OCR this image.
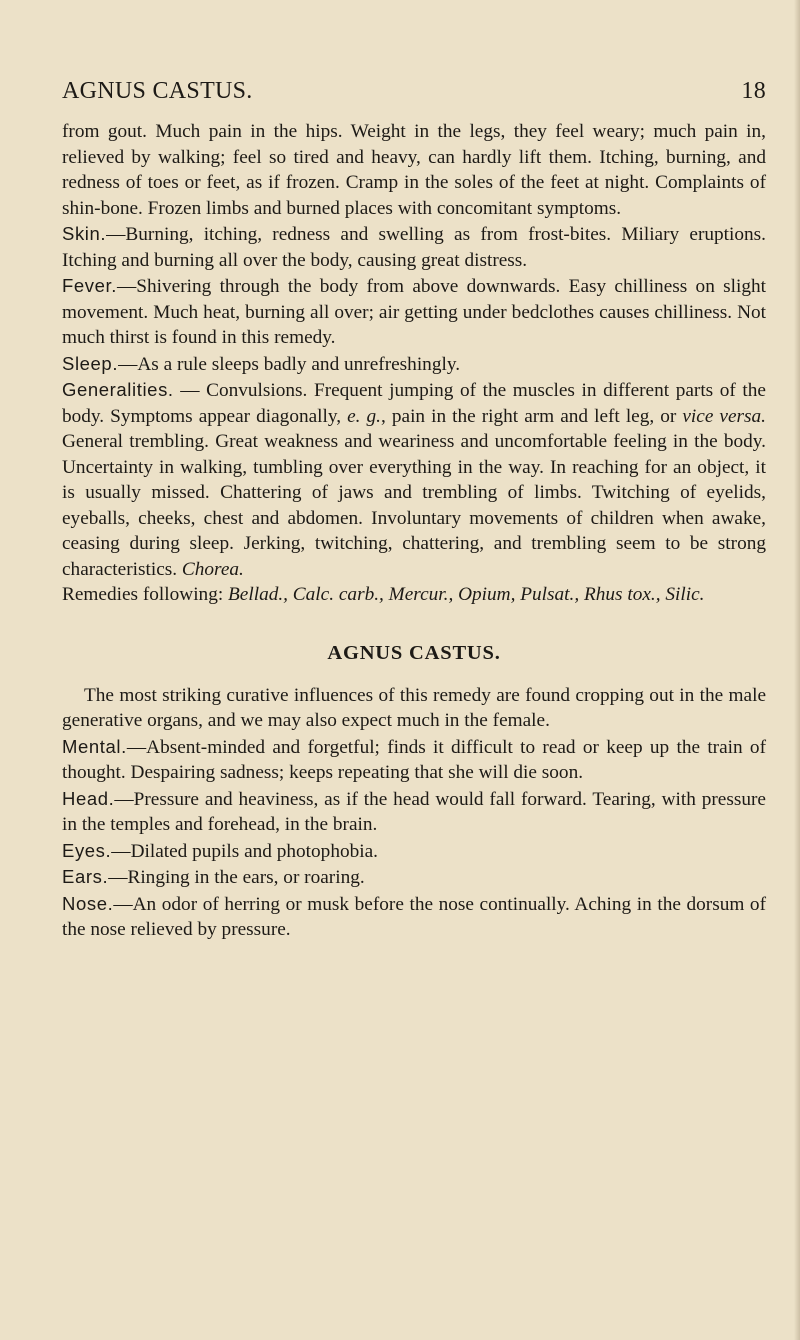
AGNUS CASTUS.	18

from gout. Much pain in the hips. Weight in the legs, they feel weary; much pain in, relieved by walking; feel so tired and heavy, can hardly lift them. Itching, burning, and redness of toes or feet, as if frozen. Cramp in the soles of the feet at night. Complaints of shin-bone. Frozen limbs and burned places with concomitant symptoms.

Skin.—Burning, itching, redness and swelling as from frost-bites. Miliary eruptions. Itching and burning all over the body, causing great distress.

Fever.—Shivering through the body from above downwards. Easy chilliness on slight movement. Much heat, burning all over; air getting under bedclothes causes chilliness. Not much thirst is found in this remedy.

Sleep.—As a rule sleeps badly and unrefreshingly.

Generalities. — Convulsions. Frequent jumping of the muscles in different parts of the body. Symptoms appear diagonally, e. g., pain in the right arm and left leg, or vice versa. General trembling. Great weakness and weariness and uncomfortable feeling in the body. Uncertainty in walking, tumbling over everything in the way. In reaching for an object, it is usually missed. Chattering of jaws and trembling of limbs. Twitching of eyelids, eyeballs, cheeks, chest and abdomen. Involuntary movements of children when awake, ceasing during sleep. Jerking, twitching, chattering, and trembling seem to be strong characteristics. Chorea.

Remedies following: Bellad., Calc. carb., Mercur., Opium, Pulsat., Rhus tox., Silic.

AGNUS CASTUS.

The most striking curative influences of this remedy are found cropping out in the male generative organs, and we may also expect much in the female.

Mental.—Absent-minded and forgetful; finds it difficult to read or keep up the train of thought. Despairing sadness; keeps repeating that she will die soon.

Head.—Pressure and heaviness, as if the head would fall forward. Tearing, with pressure in the temples and forehead, in the brain.

Eyes.—Dilated pupils and photophobia.

Ears.—Ringing in the ears, or roaring.

Nose.—An odor of herring or musk before the nose continually. Aching in the dorsum of the nose relieved by pressure.
